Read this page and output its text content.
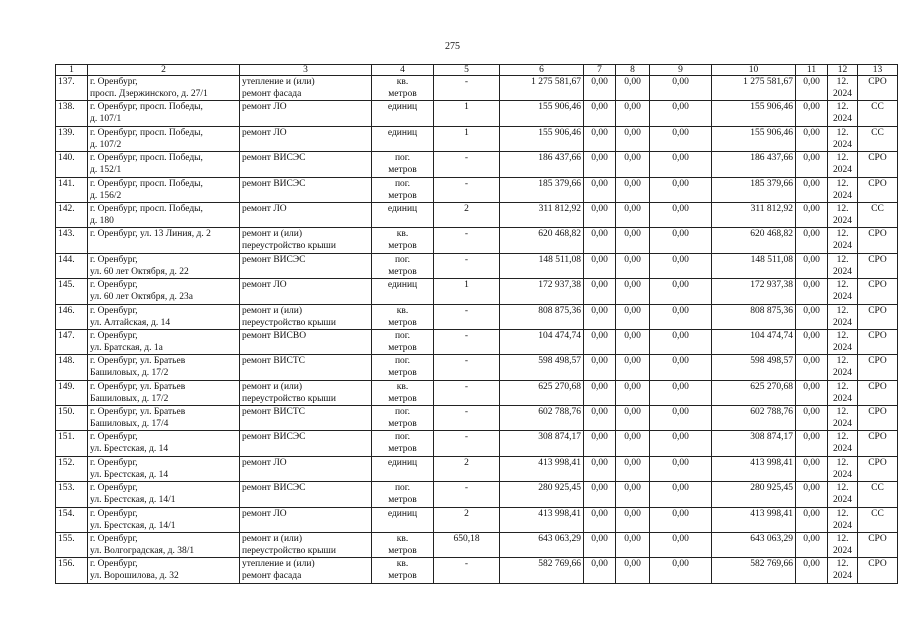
275
1	2	3	4	5	6	7	8	9	10	11	12	13
137.	г. Оренбург,
просп. Дзержинского, д. 27/1	утепление и (или)
ремонт фасада	кв.
метров	-	1 275 581,67	0,00	0,00	0,00	1 275 581,67	0,00	12.
2024	СРО
138.	г. Оренбург, просп. Победы,
д. 107/1	ремонт ЛО	единиц	1	155 906,46	0,00	0,00	0,00	155 906,46	0,00	12.
2024	СС
139.	г. Оренбург, просп. Победы,
д. 107/2	ремонт ЛО	единиц	1	155 906,46	0,00	0,00	0,00	155 906,46	0,00	12.
2024	СС
140.	г. Оренбург, просп. Победы,
д. 152/1	ремонт ВИСЭС	пог.
метров	-	186 437,66	0,00	0,00	0,00	186 437,66	0,00	12.
2024	СРО
141.	г. Оренбург, просп. Победы,
д. 156/2	ремонт ВИСЭС	пог.
метров	-	185 379,66	0,00	0,00	0,00	185 379,66	0,00	12.
2024	СРО
142.	г. Оренбург, просп. Победы,
д. 180	ремонт ЛО	единиц	2	311 812,92	0,00	0,00	0,00	311 812,92	0,00	12.
2024	СС
143.	г. Оренбург, ул. 13 Линия, д. 2	ремонт и (или)
переустройство крыши	кв.
метров	-	620 468,82	0,00	0,00	0,00	620 468,82	0,00	12.
2024	СРО
144.	г. Оренбург,
ул. 60 лет Октября, д. 22	ремонт ВИСЭС	пог.
метров	-	148 511,08	0,00	0,00	0,00	148 511,08	0,00	12.
2024	СРО
145.	г. Оренбург,
ул. 60 лет Октября, д. 23а	ремонт ЛО	единиц	1	172 937,38	0,00	0,00	0,00	172 937,38	0,00	12.
2024	СРО
146.	г. Оренбург,
ул. Алтайская, д. 14	ремонт и (или)
переустройство крыши	кв.
метров	-	808 875,36	0,00	0,00	0,00	808 875,36	0,00	12.
2024	СРО
147.	г. Оренбург,
ул. Братская, д. 1а	ремонт ВИСВО	пог.
метров	-	104 474,74	0,00	0,00	0,00	104 474,74	0,00	12.
2024	СРО
148.	г. Оренбург, ул. Братьев
Башиловых, д. 17/2	ремонт ВИСТС	пог.
метров	-	598 498,57	0,00	0,00	0,00	598 498,57	0,00	12.
2024	СРО
149.	г. Оренбург, ул. Братьев
Башиловых, д. 17/2	ремонт и (или)
переустройство крыши	кв.
метров	-	625 270,68	0,00	0,00	0,00	625 270,68	0,00	12.
2024	СРО
150.	г. Оренбург, ул. Братьев
Башиловых, д. 17/4	ремонт ВИСТС	пог.
метров	-	602 788,76	0,00	0,00	0,00	602 788,76	0,00	12.
2024	СРО
151.	г. Оренбург,
ул. Брестская, д. 14	ремонт ВИСЭС	пог.
метров	-	308 874,17	0,00	0,00	0,00	308 874,17	0,00	12.
2024	СРО
152.	г. Оренбург,
ул. Брестская, д. 14	ремонт ЛО	единиц	2	413 998,41	0,00	0,00	0,00	413 998,41	0,00	12.
2024	СРО
153.	г. Оренбург,
ул. Брестская, д. 14/1	ремонт ВИСЭС	пог.
метров	-	280 925,45	0,00	0,00	0,00	280 925,45	0,00	12.
2024	СС
154.	г. Оренбург,
ул. Брестская, д. 14/1	ремонт ЛО	единиц	2	413 998,41	0,00	0,00	0,00	413 998,41	0,00	12.
2024	СС
155.	г. Оренбург,
ул. Волгоградская, д. 38/1	ремонт и (или)
переустройство крыши	кв.
метров	650,18	643 063,29	0,00	0,00	0,00	643 063,29	0,00	12.
2024	СРО
156.	г. Оренбург,
ул. Ворошилова, д. 32	утепление и (или)
ремонт фасада	кв.
метров	-	582 769,66	0,00	0,00	0,00	582 769,66	0,00	12.
2024	СРО
